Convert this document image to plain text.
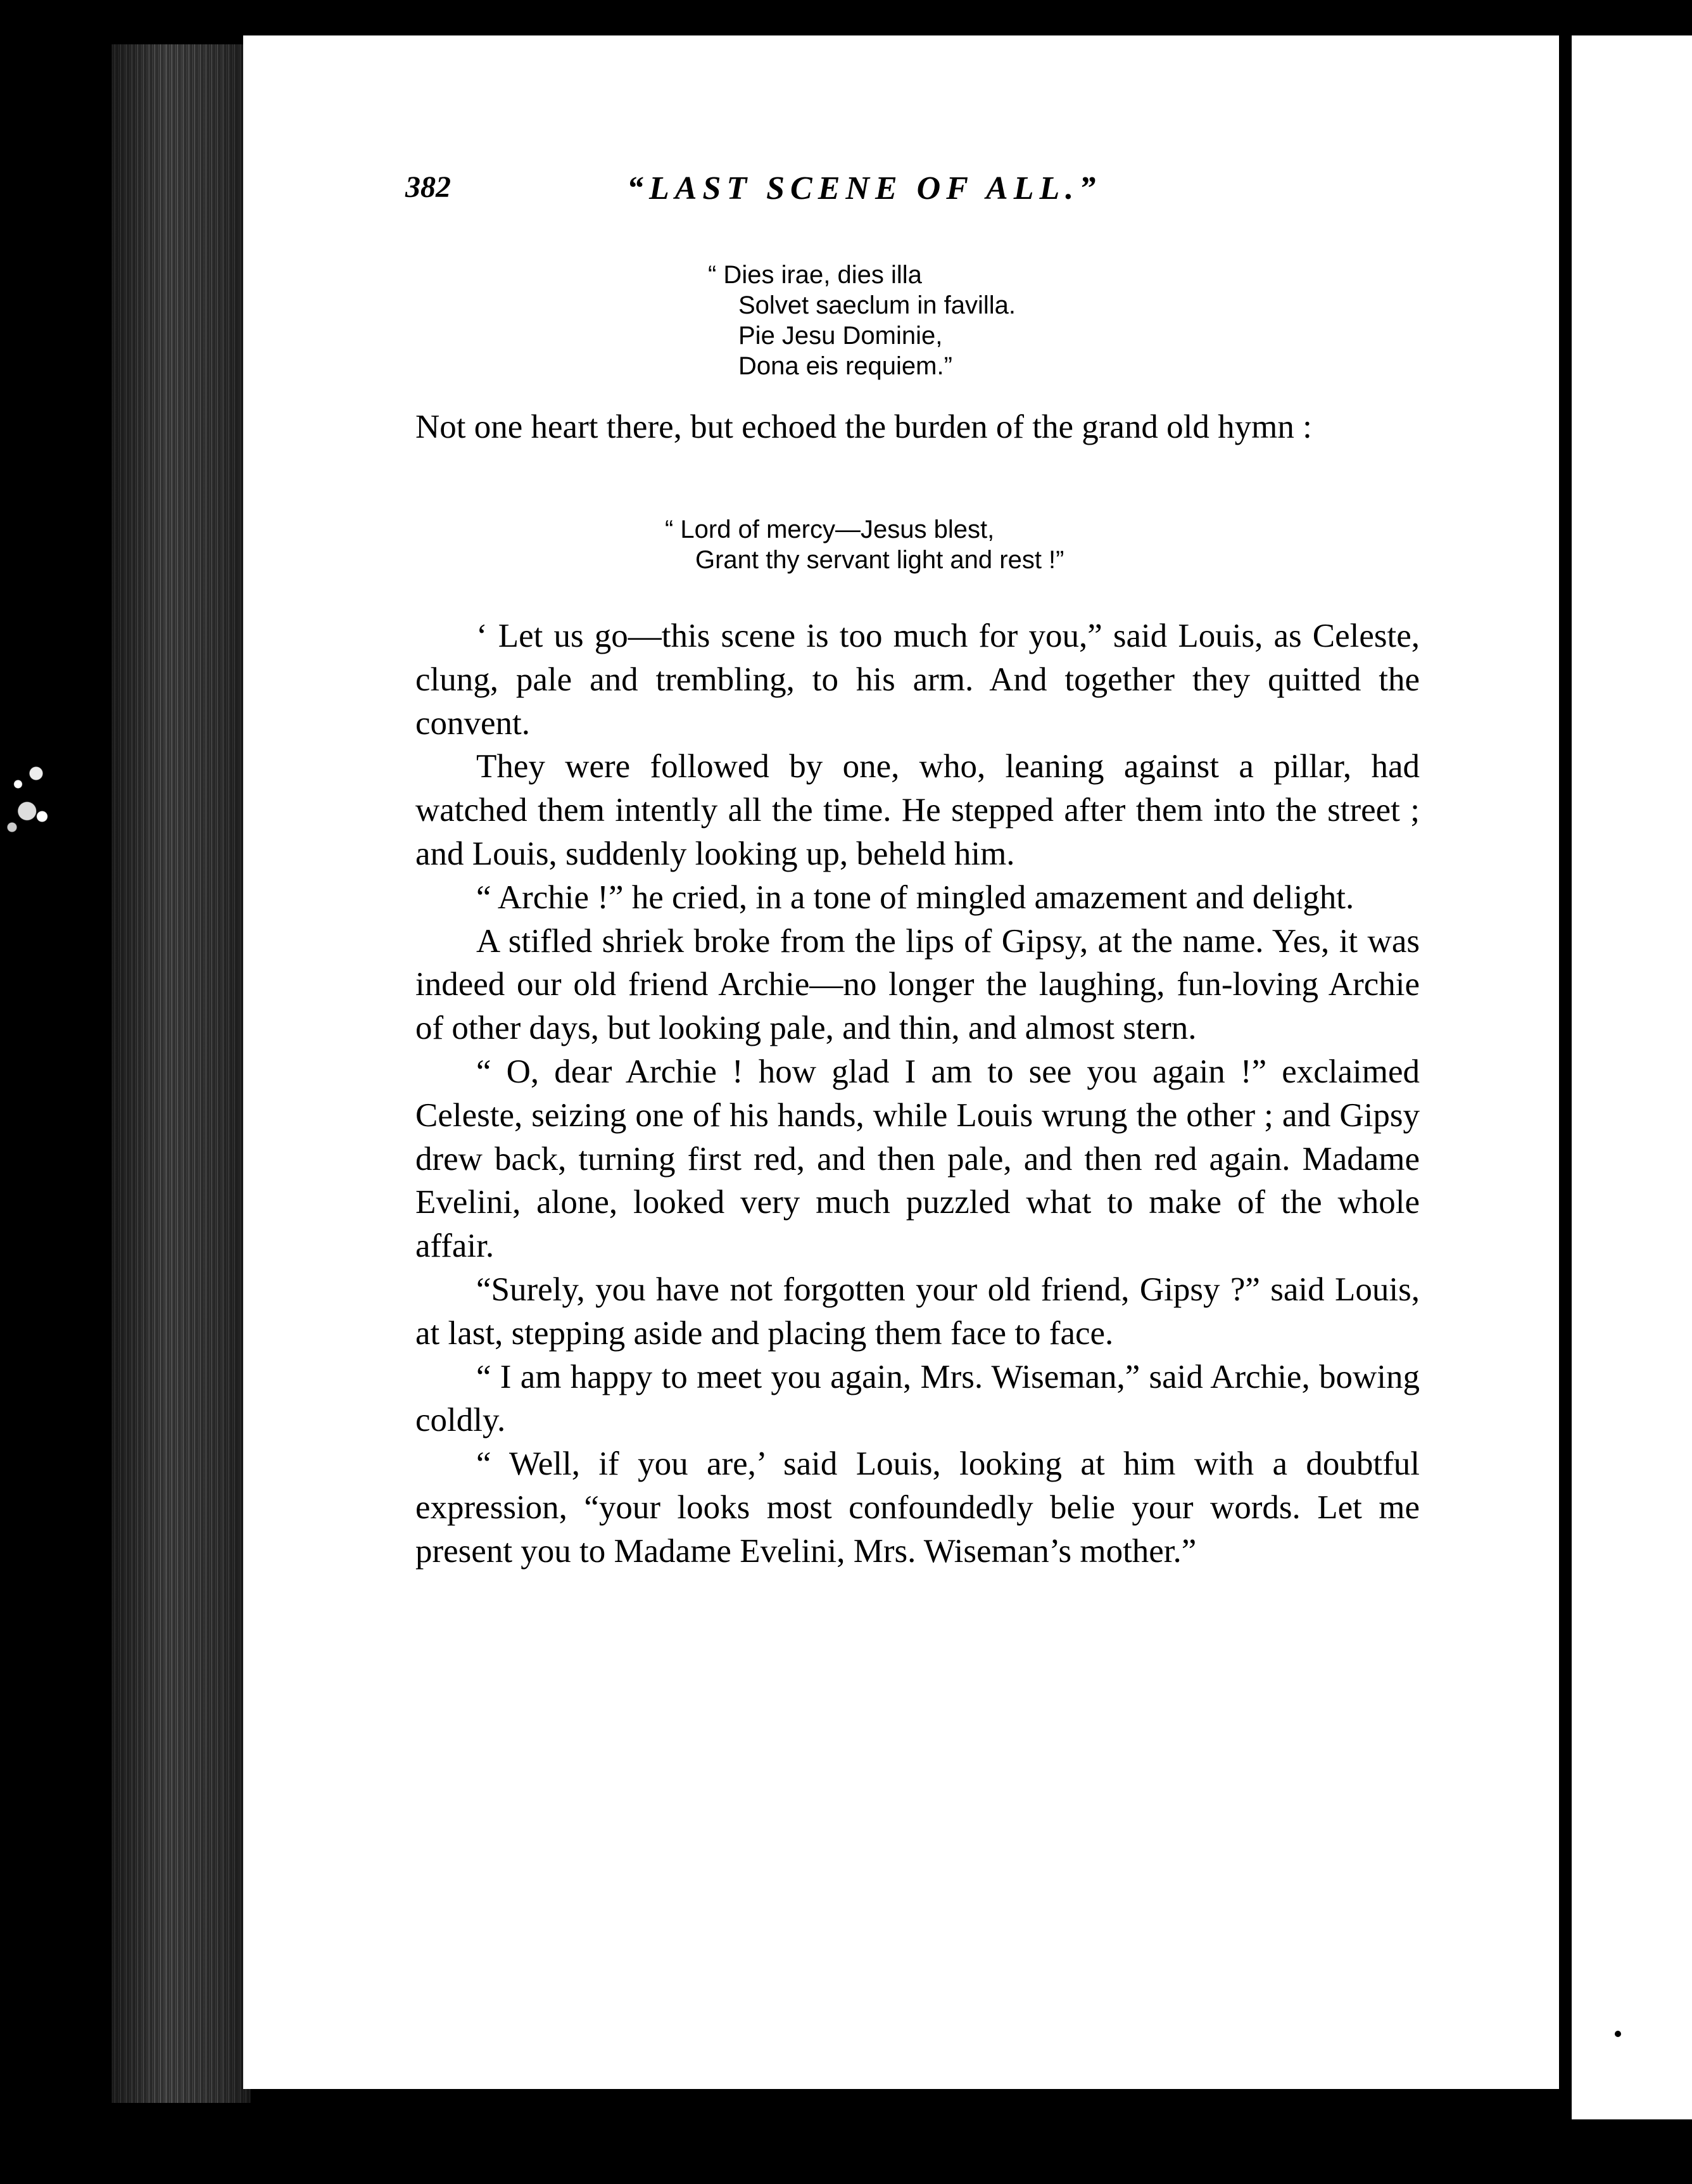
382	“LAST SCENE OF ALL.”
“ Dies irae, dies illa
Solvet saeclum in favilla.
Pie Jesu Dominie,
Dona eis requiem.”

Not one heart there, but echoed the burden of the grand old hymn :

“ Lord of mercy—Jesus blest,
Grant thy servant light and rest !”

‘ Let us go—this scene is too much for you,” said Louis, as Celeste, clung, pale and trembling, to his arm. And together they quitted the convent.

They were followed by one, who, leaning against a pillar, had watched them intently all the time. He stepped after them into the street ; and Louis, suddenly looking up, beheld him.

“ Archie !” he cried, in a tone of mingled amazement and delight.

A stifled shriek broke from the lips of Gipsy, at the name. Yes, it was indeed our old friend Archie—no longer the laughing, fun-loving Archie of other days, but looking pale, and thin, and almost stern.

“ O, dear Archie ! how glad I am to see you again !” exclaimed Celeste, seizing one of his hands, while Louis wrung the other ; and Gipsy drew back, turning first red, and then pale, and then red again. Madame Evelini, alone, looked very much puzzled what to make of the whole affair.

“Surely, you have not forgotten your old friend, Gipsy ?” said Louis, at last, stepping aside and placing them face to face.

“ I am happy to meet you again, Mrs. Wiseman,” said Archie, bowing coldly.

“ Well, if you are,’ said Louis, looking at him with a doubtful expression, “your looks most confoundedly belie your words. Let me present you to Madame Evelini, Mrs. Wiseman’s mother.”
